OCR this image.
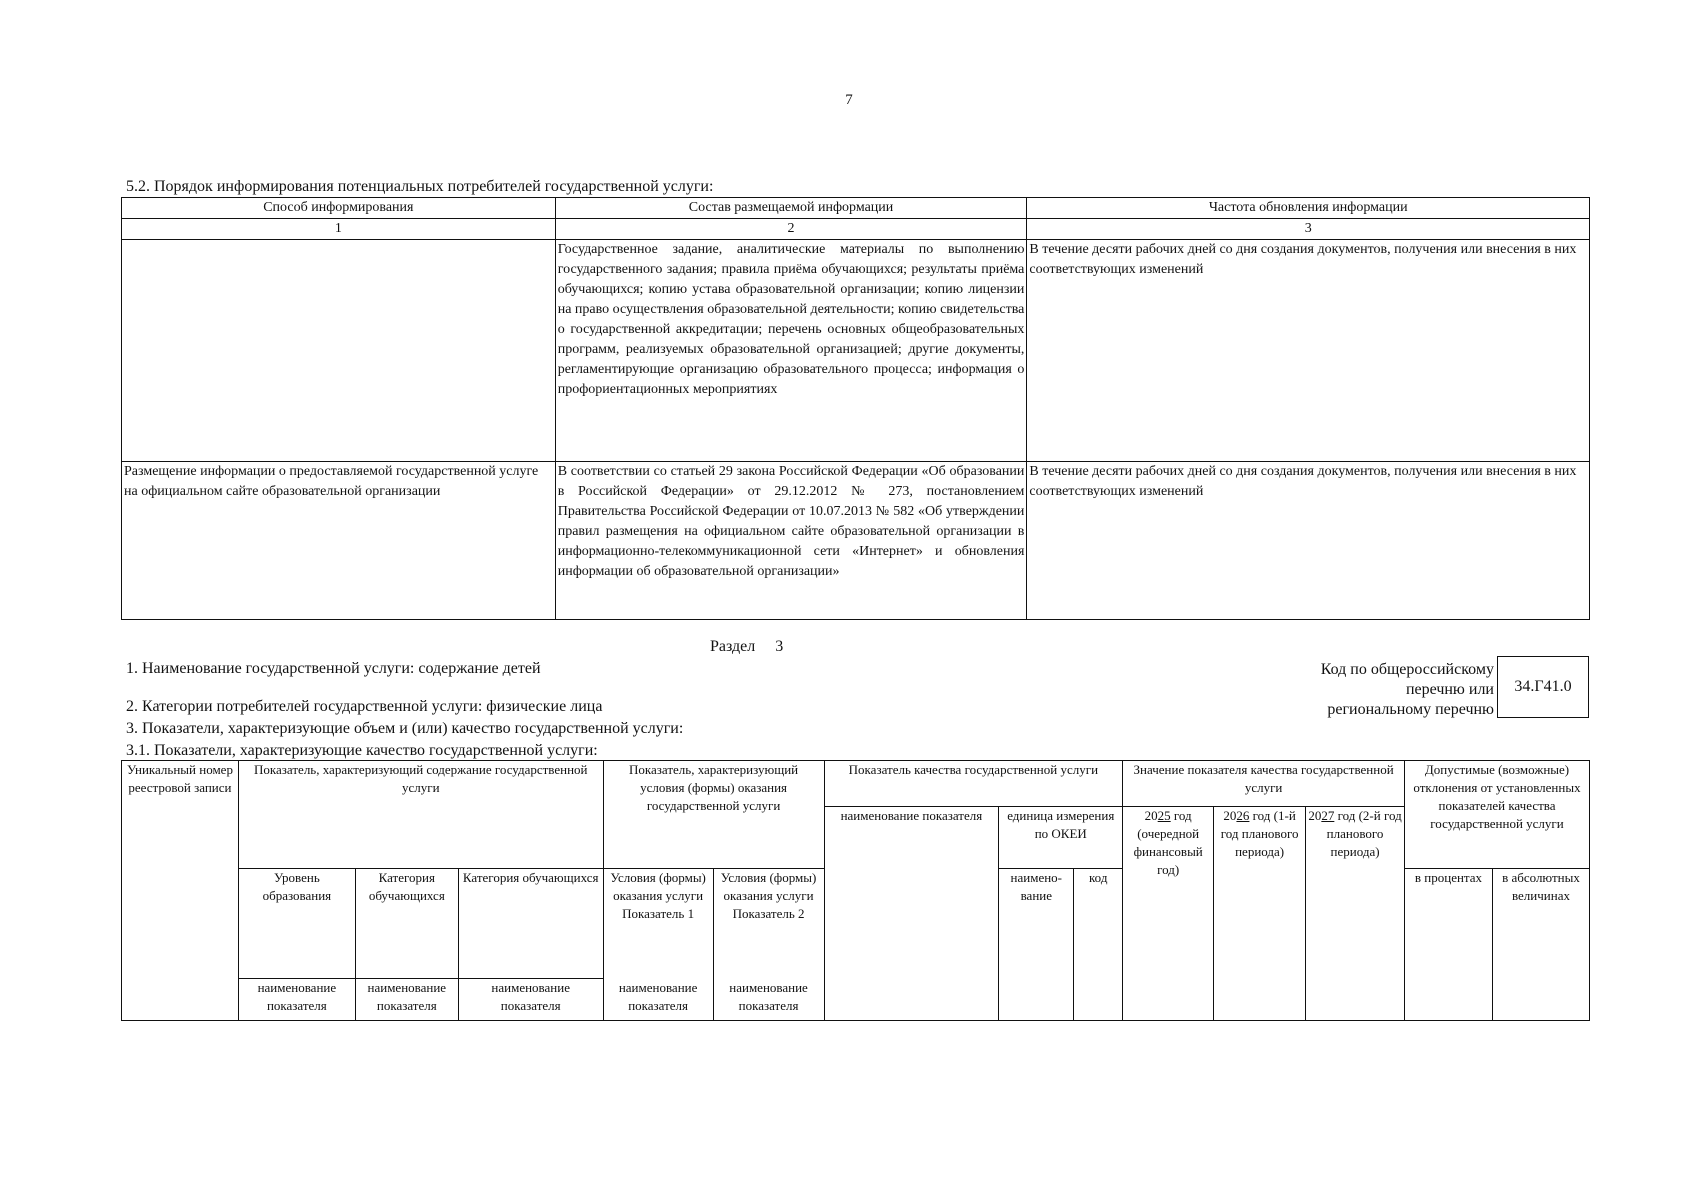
7
5.2. Порядок информирования потенциальных потребителей государственной услуги:
Способ информирования	Состав размещаемой информации	Частота обновления информации
1	2	3
	Государственное задание, аналитические материалы по выполнению государственного задания; правила приёма обучающихся; результаты приёма обучающихся; копию устава образовательной организации; копию лицензии на право осуществления образовательной деятельности; копию свидетельства о государственной аккредитации; перечень основных общеобразовательных программ, реализуемых образовательной организацией; другие документы, регламентирующие организацию образовательного процесса; информация о профориентационных мероприятиях	В течение десяти рабочих дней со дня создания документов, получения или внесения в них соответствующих изменений
Размещение информации о предоставляемой государственной услуге на официальном сайте образовательной организации	В соответствии со статьей 29 закона Российской Федерации «Об образовании в Российской Федерации» от 29.12.2012 № 273, постановлением Правительства Российской Федерации от 10.07.2013 № 582 «Об утверждении правил размещения на официальном сайте образовательной организации в информационно-телекоммуникационной сети «Интернет» и обновления информации об образовательной организации»	В течение десяти рабочих дней со дня создания документов, получения или внесения в них соответствующих изменений
Раздел 3
1. Наименование государственной услуги: содержание детей
2. Категории потребителей государственной услуги: физические лица
3. Показатели, характеризующие объем и (или) качество государственной услуги:
3.1. Показатели, характеризующие качество государственной услуги:
Код по общероссийскому
перечню или
региональному перечню
34.Г41.0
Уникальный номер реестровой записи	Показатель, характеризующий содержание государственной услуги			Показатель, характеризующий условия (формы) оказания государственной услуги		Показатель качества государственной услуги			Значение показателя качества государственной услуги			Допустимые (возможные) отклонения от установленных показателей качества государственной услуги	
						наименование показателя	единица измерения по ОКЕИ		2025 год (очередной финансовый год)	2026 год (1-й год планового периода)	2027 год (2-й год планового периода)		
	Уровень образования	Категория обучающихся	Категория обучающихся	Условия (формы) оказания услуги Показатель 1	Условия (формы) оказания услуги Показатель 2		наимено-вание	код				в процентах	в абсолютных величинах
	наименование показателя	наименование показателя	наименование показателя	наименование показателя	наименование показателя								
